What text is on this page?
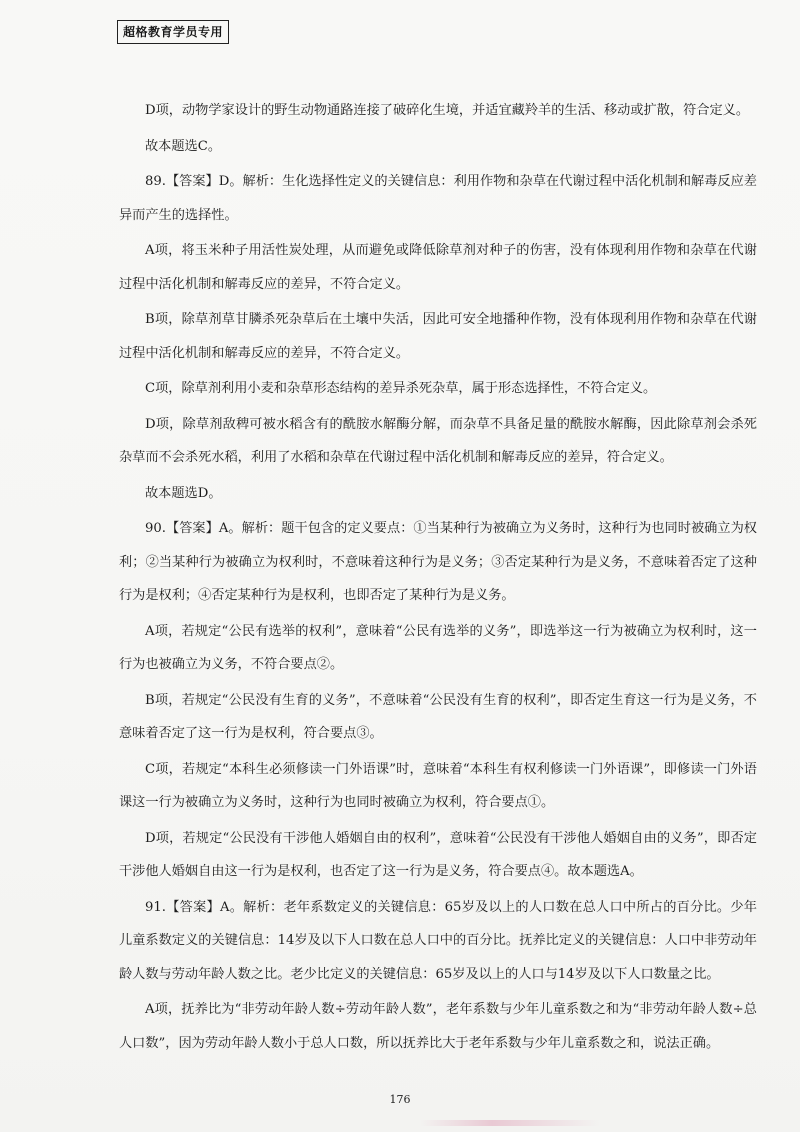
超格教育学员专用

D项，动物学家设计的野生动物通路连接了破碎化生境，并适宜藏羚羊的生活、移动或扩散，符合定义。

故本题选C。

89.【答案】D。解析：生化选择性定义的关键信息：利用作物和杂草在代谢过程中活化机制和解毒反应差异而产生的选择性。

A项，将玉米种子用活性炭处理，从而避免或降低除草剂对种子的伤害，没有体现利用作物和杂草在代谢过程中活化机制和解毒反应的差异，不符合定义。

B项，除草剂草甘膦杀死杂草后在土壤中失活，因此可安全地播种作物，没有体现利用作物和杂草在代谢过程中活化机制和解毒反应的差异，不符合定义。

C项，除草剂利用小麦和杂草形态结构的差异杀死杂草，属于形态选择性，不符合定义。

D项，除草剂敌稗可被水稻含有的酰胺水解酶分解，而杂草不具备足量的酰胺水解酶，因此除草剂会杀死杂草而不会杀死水稻，利用了水稻和杂草在代谢过程中活化机制和解毒反应的差异，符合定义。

故本题选D。

90.【答案】A。解析：题干包含的定义要点：①当某种行为被确立为义务时，这种行为也同时被确立为权利；②当某种行为被确立为权利时，不意味着这种行为是义务；③否定某种行为是义务，不意味着否定了这种行为是权利；④否定某种行为是权利，也即否定了某种行为是义务。

A项，若规定“公民有选举的权利”，意味着“公民有选举的义务”，即选举这一行为被确立为权利时，这一行为也被确立为义务，不符合要点②。

B项，若规定“公民没有生育的义务”，不意味着“公民没有生育的权利”，即否定生育这一行为是义务，不意味着否定了这一行为是权利，符合要点③。

C项，若规定“本科生必须修读一门外语课”时，意味着“本科生有权利修读一门外语课”，即修读一门外语课这一行为被确立为义务时，这种行为也同时被确立为权利，符合要点①。

D项，若规定“公民没有干涉他人婚姻自由的权利”，意味着“公民没有干涉他人婚姻自由的义务”，即否定干涉他人婚姻自由这一行为是权利，也否定了这一行为是义务，符合要点④。故本题选A。

91.【答案】A。解析：老年系数定义的关键信息：65岁及以上的人口数在总人口中所占的百分比。少年儿童系数定义的关键信息：14岁及以下人口数在总人口中的百分比。抚养比定义的关键信息：人口中非劳动年龄人数与劳动年龄人数之比。老少比定义的关键信息：65岁及以上的人口与14岁及以下人口数量之比。

A项，抚养比为“非劳动年龄人数÷劳动年龄人数”，老年系数与少年儿童系数之和为“非劳动年龄人数÷总人口数”，因为劳动年龄人数小于总人口数，所以抚养比大于老年系数与少年儿童系数之和，说法正确。

176
